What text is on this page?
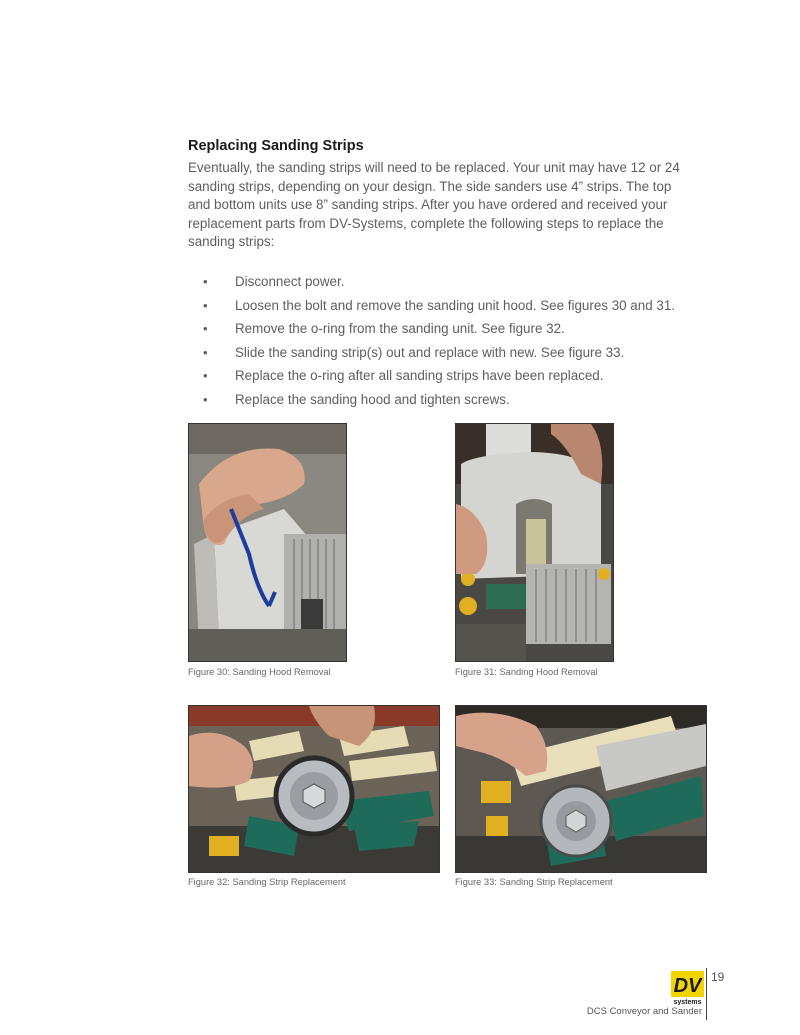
Replacing Sanding Strips

Eventually, the sanding strips will need to be replaced. Your unit may have 12 or 24 sanding strips, depending on your design. The side sanders use 4” strips. The top and bottom units use 8” sanding strips. After you have ordered and received your replacement parts from DV-Systems, complete the following steps to replace the sanding strips:

• Disconnect power.
• Loosen the bolt and remove the sanding unit hood. See figures 30 and 31.
• Remove the o-ring from the sanding unit. See figure 32.
• Slide the sanding strip(s) out and replace with new. See figure 33.
• Replace the o-ring after all sanding strips have been replaced.
• Replace the sanding hood and tighten screws.

Figure 30: Sanding Hood Removal	Figure 31: Sanding Hood Removal

Figure 32: Sanding Strip Replacement	Figure 33: Sanding Strip Replacement

DV
systems
19
DCS Conveyor and Sander
